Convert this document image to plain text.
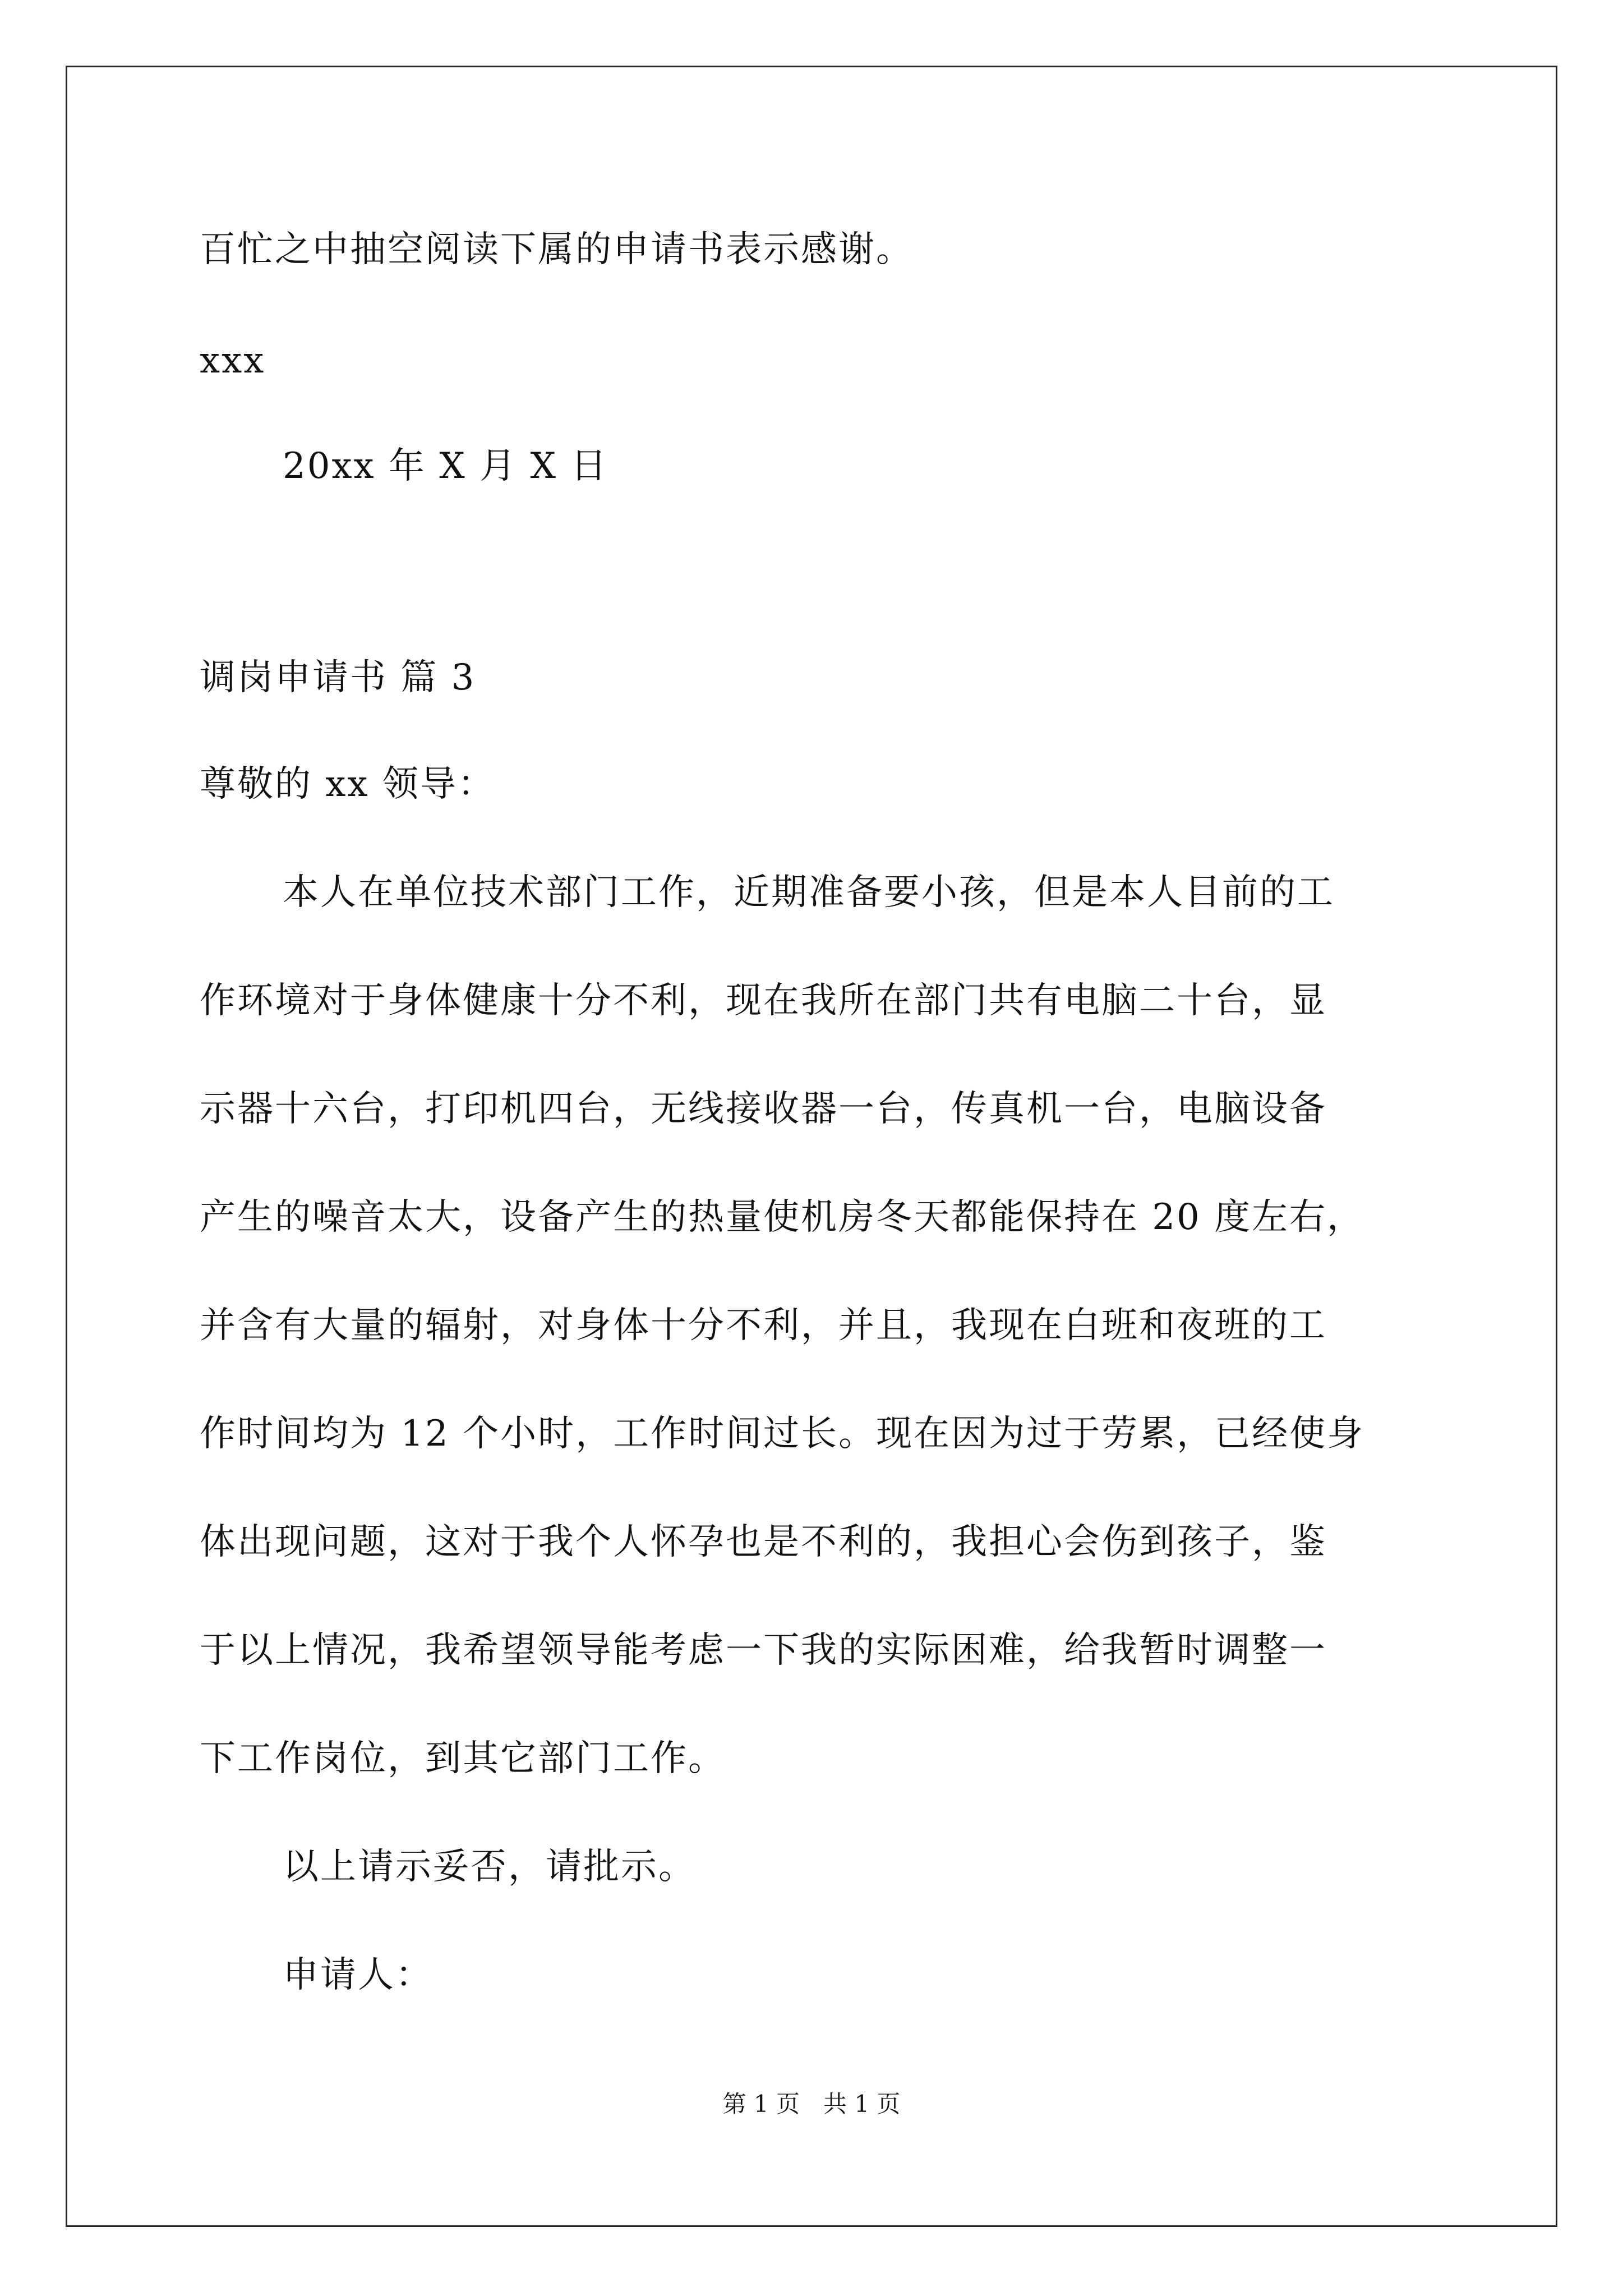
百忙之中抽空阅读下属的申请书表示感谢。
xxx
20xx 年 X 月 X 日
调岗申请书 篇 3
尊敬的 xx 领导：
本人在单位技术部门工作，近期准备要小孩，但是本人目前的工
作环境对于身体健康十分不利，现在我所在部门共有电脑二十台，显
示器十六台，打印机四台，无线接收器一台，传真机一台，电脑设备
产生的噪音太大，设备产生的热量使机房冬天都能保持在 20 度左右，
并含有大量的辐射，对身体十分不利，并且，我现在白班和夜班的工
作时间均为 12 个小时，工作时间过长。现在因为过于劳累，已经使身
体出现问题，这对于我个人怀孕也是不利的，我担心会伤到孩子，鉴
于以上情况，我希望领导能考虑一下我的实际困难，给我暂时调整一
下工作岗位，到其它部门工作。
以上请示妥否，请批示。
申请人：
第 1 页　共 1 页
